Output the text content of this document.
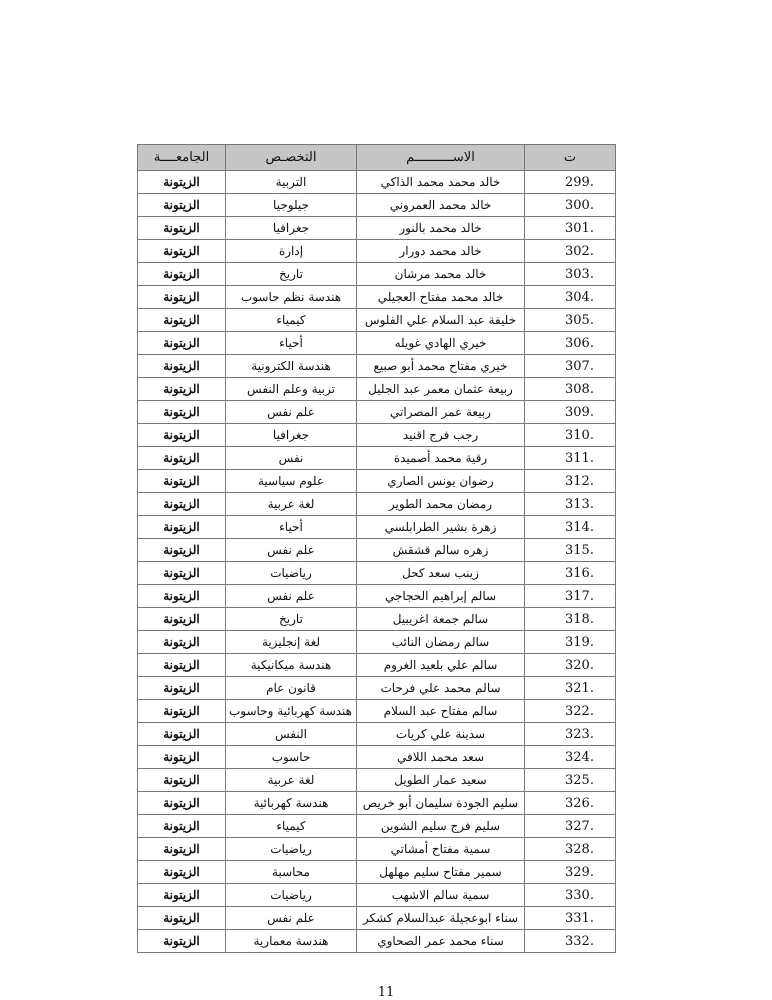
ت	الاســــــــــم	التخصـص	الجامعــــة
299.	خالد محمد محمد الذاكي	التربية	الزيتونة
300.	خالد محمد العمروني	جيلوجيا	الزيتونة
301.	خالد محمد بالنور	جغرافيا	الزيتونة
302.	خالد محمد دورار	إدارة	الزيتونة
303.	خالد محمد مرشان	تاريخ	الزيتونة
304.	خالد محمد مفتاح العجيلي	هندسة نظم حاسوب	الزيتونة
305.	خليفة عبد السلام علي الفلوس	كيمياء	الزيتونة
306.	خيري الهادي غويله	أحياء	الزيتونة
307.	خيري مفتاح محمد أبو صبيع	هندسة الكترونية	الزيتونة
308.	ربيعة عثمان معمر عبد الجليل	تربية وعلم النفس	الزيتونة
309.	ربيعة عمر المصراتي	علم نفس	الزيتونة
310.	رجب فرج اقنيد	جغرافيا	الزيتونة
311.	رقية محمد أصميدة	نفس	الزيتونة
312.	رضوان يونس الصاري	علوم سياسية	الزيتونة
313.	رمضان محمد الطوير	لغة عربية	الزيتونة
314.	زهرة بشير الطرابلسي	أحياء	الزيتونة
315.	زهره سالم قشقش	علم نفس	الزيتونة
316.	زينب سعد كحل	رياضيات	الزيتونة
317.	سالم إبراهيم الحجاجي	علم نفس	الزيتونة
318.	سالم جمعة اغريبيل	تاريخ	الزيتونة
319.	سالم رمضان النائب	لغة إنجليزية	الزيتونة
320.	سالم علي بلعيد الغروم	هندسة ميكانيكية	الزيتونة
321.	سالم محمد علي فرحات	قانون عام	الزيتونة
322.	سالم مفتاح عبد السلام	هندسة كهربائية وحاسوب	الزيتونة
323.	سدينة علي كريات	النفس	الزيتونة
324.	سعد محمد اللافي	حاسوب	الزيتونة
325.	سعيد عمار الطويل	لغة عربية	الزيتونة
326.	سليم الجودة سليمان أبو خريص	هندسة كهربائية	الزيتونة
327.	سليم فرج سليم الشوين	كيمياء	الزيتونة
328.	سمية مفتاح أمشاتي	رياضيات	الزيتونة
329.	سمير مفتاح سليم مهلهل	محاسبة	الزيتونة
330.	سمية سالم الاشهب	رياضيات	الزيتونة
331.	سناء ابوعجيلة عبدالسلام كشكر	علم نفس	الزيتونة
332.	سناء محمد عمر الصحاوي	هندسة معمارية	الزيتونة
11
